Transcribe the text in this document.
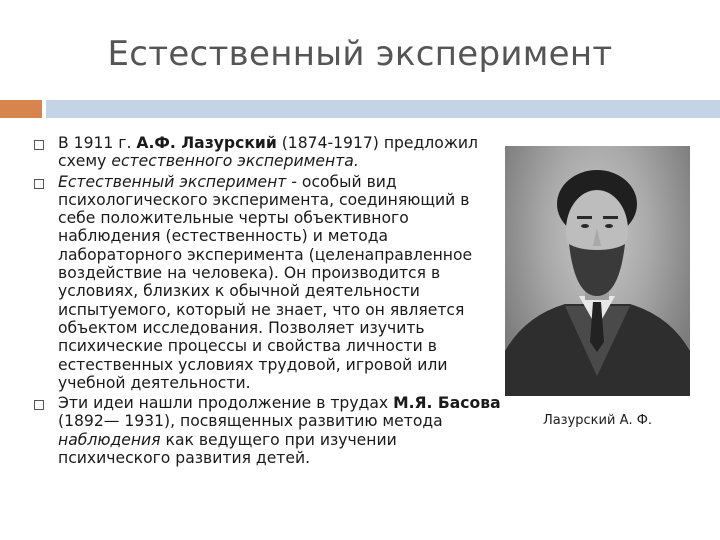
Естественный эксперимент
В 1911 г. А.Ф. Лазурский (1874-1917) предложил схему естественного эксперимента.
Естественный эксперимент - особый вид психологического эксперимента, соединяющий в себе положительные черты объективного наблюдения (естественность) и метода лабораторного эксперимента (целенаправленное воздействие на человека). Он производится в условиях, близких к обычной деятельности испытуемого, который не знает, что он является объектом исследования. Позволяет изучить психические процессы и свойства личности в естественных условиях трудовой, игровой или учебной деятельности.
Эти идеи нашли продолжение в трудах М.Я. Басова (1892— 1931), посвященных развитию метода наблюдения как ведущего при изучении психического развития детей.
Лазурский А. Ф.
